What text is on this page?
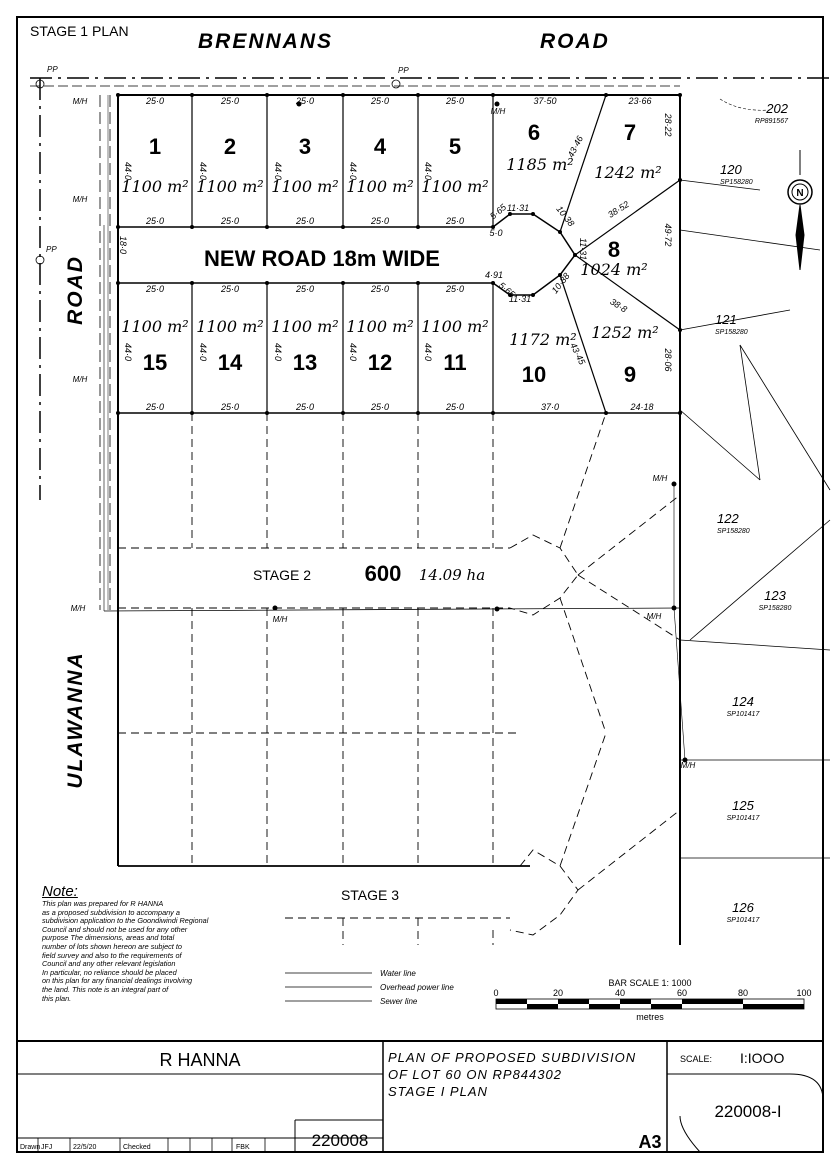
STAGE 1 PLAN	BRENNANS	ROAD
ROAD
ULAWANNA
NEW ROAD 18m WIDE
1
1100 m²
25·0
25·0
44·0
2
1100 m²
25·0
25·0
44·0
3
1100 m²
25·0
25·0
44·0
4
1100 m²
25·0
25·0
44·0
5
1100 m²
25·0
25·0
44·0
15
1100 m²
25·0
25·0
44·0	14
1100 m²
25·0
25·0
44·0	13
1100 m²
25·0
25·0
44·0	12
1100 m²
25·0
25·0
44·0	11
1100 m²
25·0
25·0
44·0
6
1185 m²
7
1242 m²
8
1024 m²
9
1252 m²
10
1172 m²
37·50	23·66
28·22
43·46
38·52
49·72
11·31	10·38
5·65
5·0
4·91
5·65
11·31
10·38
11·31
38·8
43·45	28·06
37·0	24·18
18·0
202
RP891567
120
SP158280
121
SP158280
122
SP158280
123
SP158280
124
SP101417
125
SP101417
126
SP101417
STAGE 2 600 14.09 ha
STAGE 3
M/H
M/H
M/H
M/H
M/H
M/H
M/H
M/H
M/H
PP
PP
PP
N
Water line
Overhead power line
Sewer line
BAR SCALE 1: 1000
metres
0	20	40	60	80	100
R HANNA	PLAN OF PROPOSED SUBDIVISION
OF LOT 60 ON RP844302
STAGE I PLAN
SCALE: I:IOOO
220008-I
220008	A3
Drawn JFJ	22/5/20	Checked	FBK
Note:
This plan was prepared for R HANNA
as a proposed subdivision to accompany a
subdivision application to the Goondiwindi Regional
Council and should not be used for any other
purpose The dimensions, areas and total
number of lots shown hereon are subject to
field survey and also to the requirements of
Council and any other relevant legislation
In particular, no reliance should be placed
on this plan for any financial dealings involving
the land. This note is an integral part of
this plan.
